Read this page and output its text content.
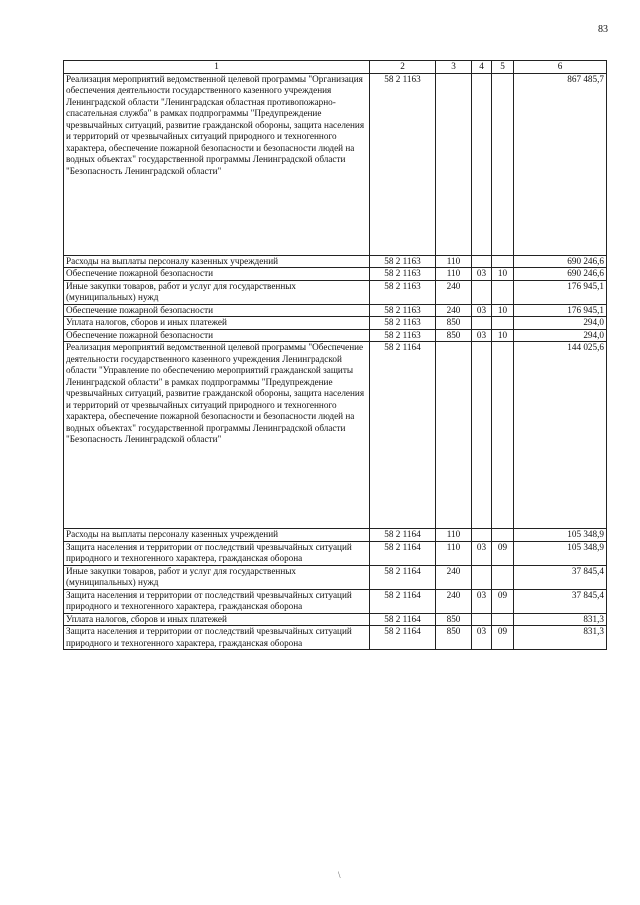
83
1	2	3	4	5	6
Реализация мероприятий ведомственной целевой программы "Организация обеспечения деятельности государственного казенного учреждения Ленинградской области "Ленинградская областная противопожарно-спасательная служба" в рамках подпрограммы "Предупреждение чрезвычайных ситуаций, развитие гражданской обороны, защита населения и территорий от чрезвычайных ситуаций природного и техногенного характера, обеспечение пожарной безопасности и безопасности людей на водных объектах" государственной программы Ленинградской области "Безопасность Ленинградской области"	58 2 1163				867 485,7
Расходы на выплаты персоналу казенных учреждений	58 2 1163	110			690 246,6
Обеспечение пожарной безопасности	58 2 1163	110	03	10	690 246,6
Иные закупки товаров, работ и услуг для государственных (муниципальных) нужд	58 2 1163	240			176 945,1
Обеспечение пожарной безопасности	58 2 1163	240	03	10	176 945,1
Уплата налогов, сборов и иных платежей	58 2 1163	850			294,0
Обеспечение пожарной безопасности	58 2 1163	850	03	10	294,0
Реализация мероприятий ведомственной целевой программы "Обеспечение деятельности государственного казенного учреждения Ленинградской области "Управление по обеспечению мероприятий гражданской защиты Ленинградской области" в рамках подпрограммы "Предупреждение чрезвычайных ситуаций, развитие гражданской обороны, защита населения и территорий от чрезвычайных ситуаций природного и техногенного характера, обеспечение пожарной безопасности и безопасности людей на водных объектах" государственной программы Ленинградской области "Безопасность Ленинградской области"	58 2 1164				144 025,6
Расходы на выплаты персоналу казенных учреждений	58 2 1164	110			105 348,9
Защита населения и территории от последствий чрезвычайных ситуаций природного и техногенного характера, гражданская оборона	58 2 1164	110	03	09	105 348,9
Иные закупки товаров, работ и услуг для государственных (муниципальных) нужд	58 2 1164	240			37 845,4
Защита населения и территории от последствий чрезвычайных ситуаций природного и техногенного характера, гражданская оборона	58 2 1164	240	03	09	37 845,4
Уплата налогов, сборов и иных платежей	58 2 1164	850			831,3
Защита населения и территории от последствий чрезвычайных ситуаций природного и техногенного характера, гражданская оборона	58 2 1164	850	03	09	831,3
\
